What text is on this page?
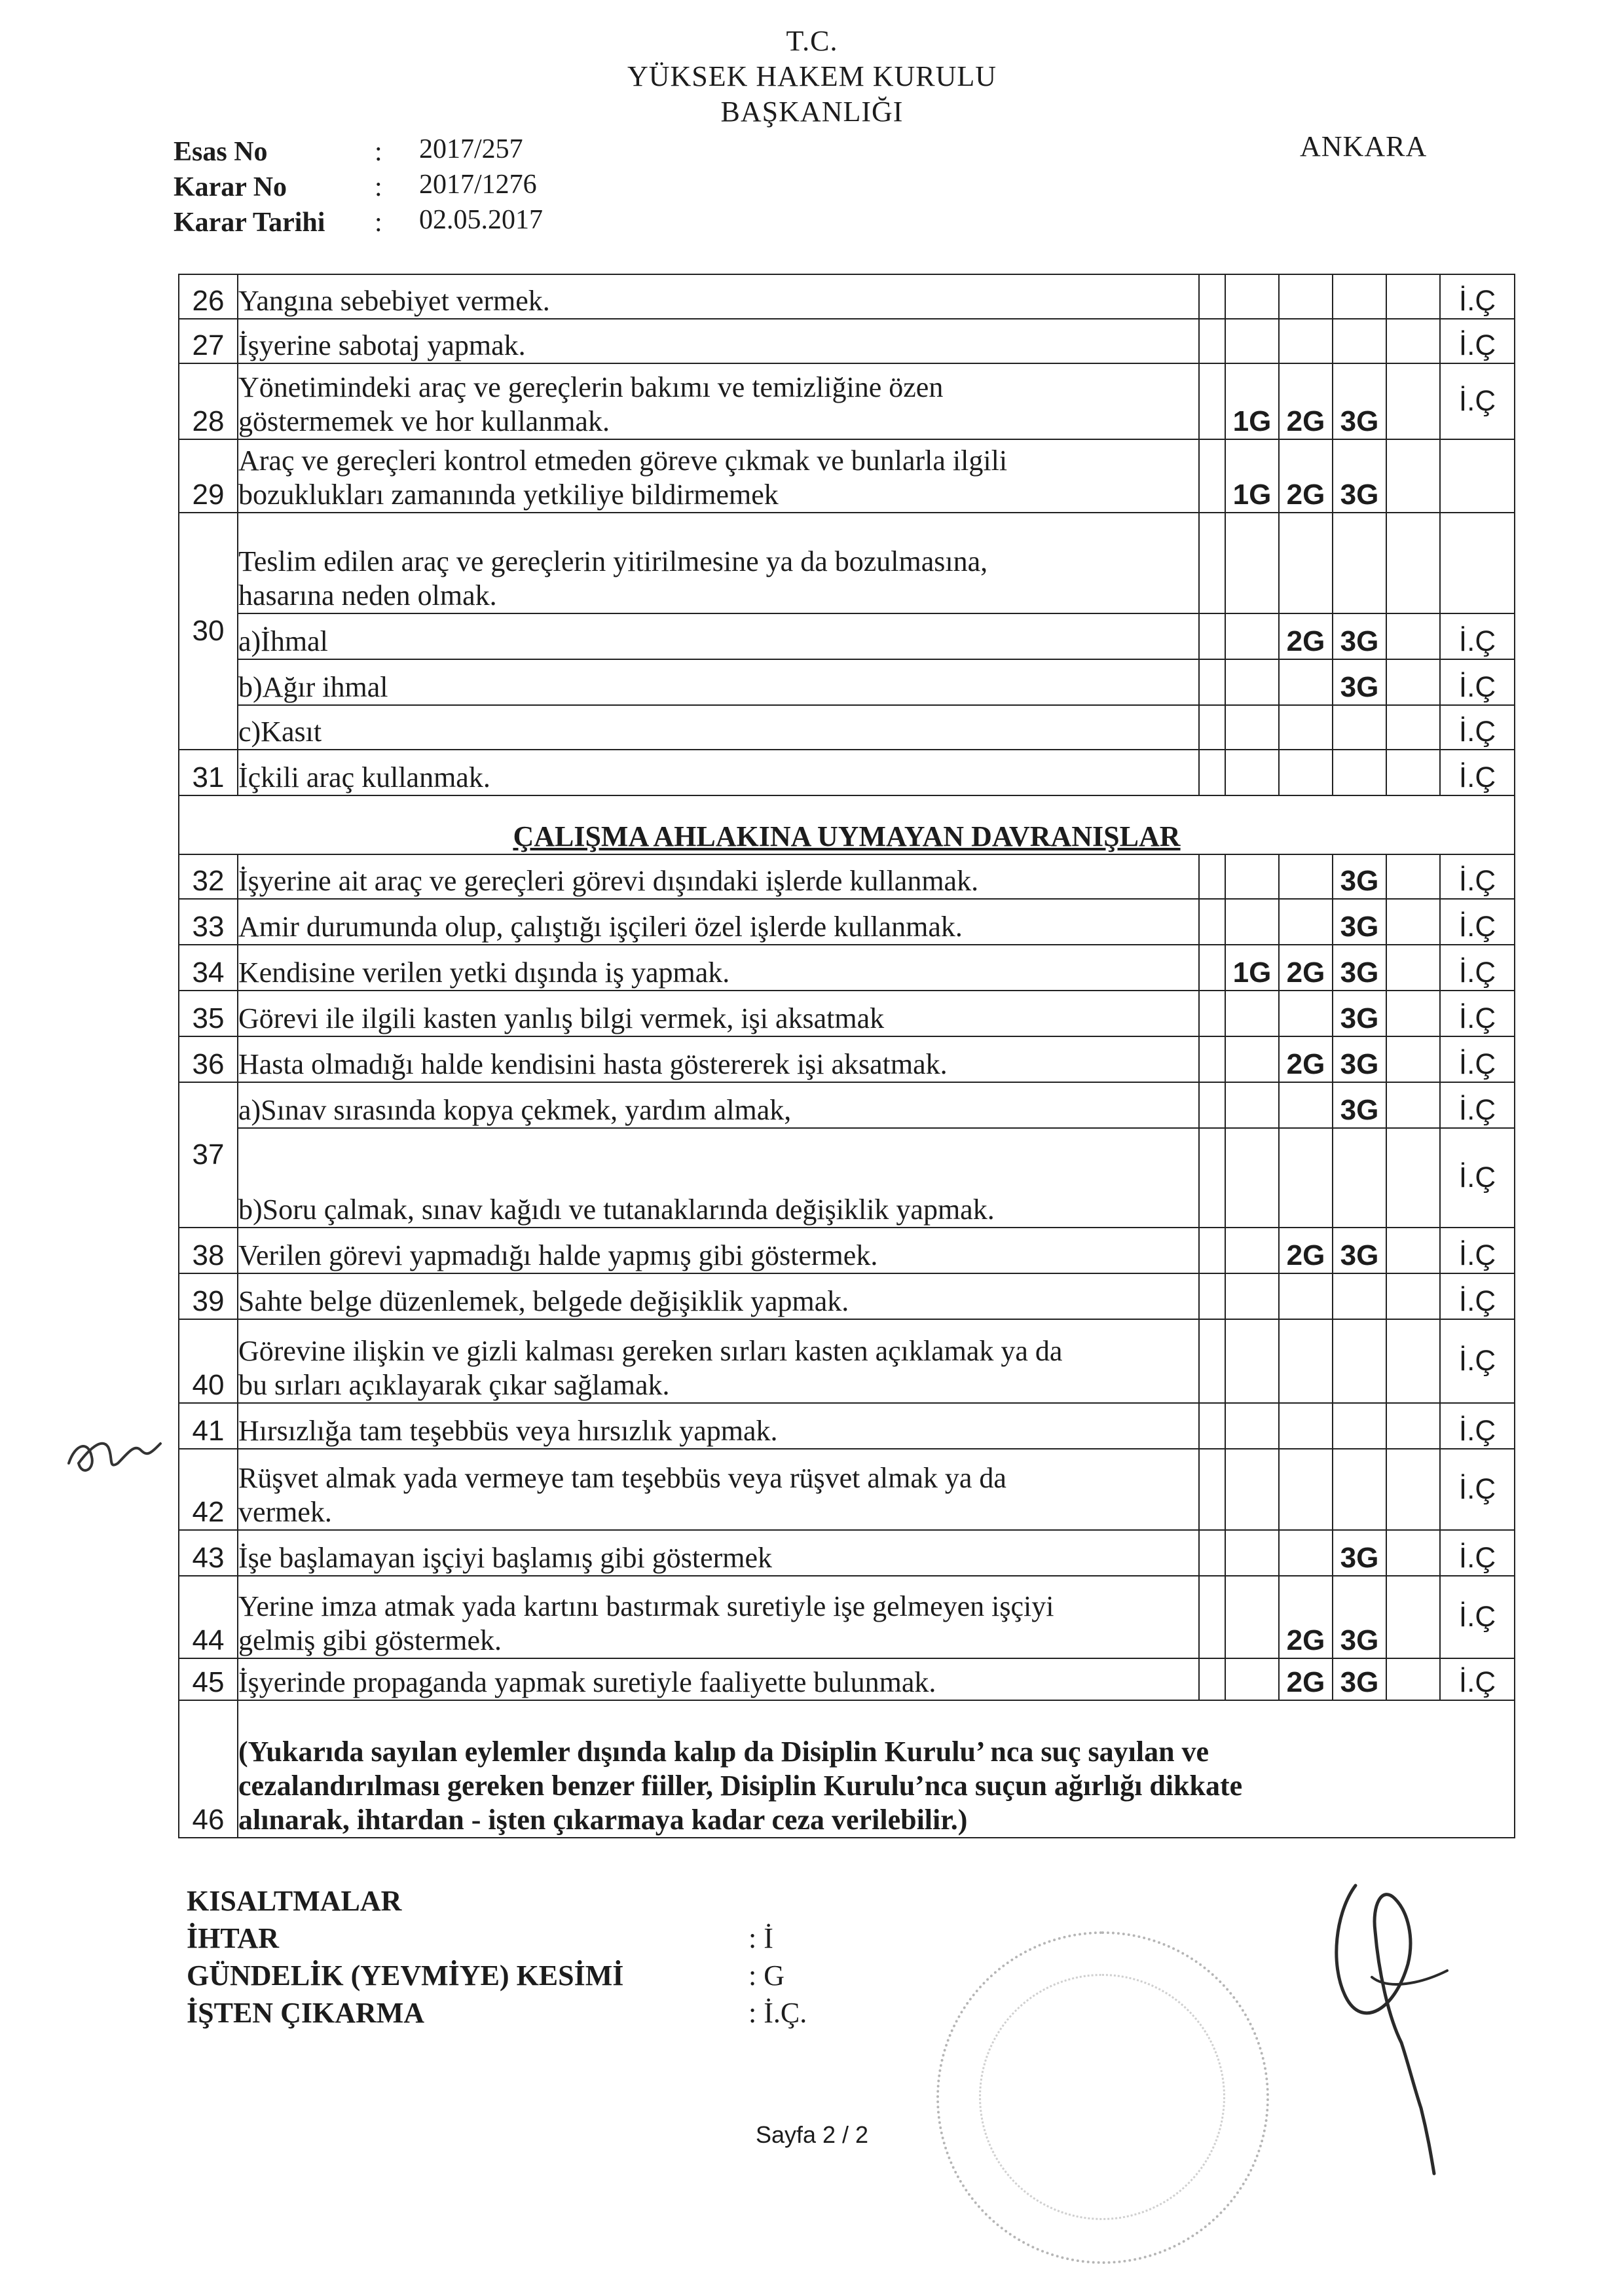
T.C.
YÜKSEK HAKEM KURULU
BAŞKANLIĞI
ANKARA
Esas No	: 2017/257
Karar No	: 2017/1276
Karar Tarihi : 02.05.2017
26	Yangına sebebiyet vermek.						İ.Ç
27	İşyerine sabotaj yapmak.						İ.Ç
28	Yönetimindeki araç ve gereçlerin bakımı ve temizliğine özen
göstermemek ve hor kullanmak.		1G	2G	3G		İ.Ç
29	Araç ve gereçleri kontrol etmeden göreve çıkmak ve bunlarla ilgili
bozuklukları zamanında yetkiliye bildirmemek		1G	2G	3G		
30	Teslim edilen araç ve gereçlerin yitirilmesine ya da bozulmasına,
hasarına neden olmak.						

	a)İhmal			2G	3G		İ.Ç
	b)Ağır ihmal				3G		İ.Ç
	c)Kasıt						İ.Ç
31	İçkili araç kullanmak.						İ.Ç
ÇALIŞMA AHLAKINA UYMAYAN DAVRANIŞLAR							
32	İşyerine ait araç ve gereçleri görevi dışındaki işlerde kullanmak.				3G		İ.Ç
33	Amir durumunda olup, çalıştığı işçileri özel işlerde kullanmak.				3G		İ.Ç
34	Kendisine verilen yetki dışında iş yapmak.		1G	2G	3G		İ.Ç
35	Görevi ile ilgili kasten yanlış bilgi vermek, işi aksatmak				3G		İ.Ç
36	Hasta olmadığı halde kendisini hasta göstererek işi aksatmak.			2G	3G		İ.Ç
37	a)Sınav sırasında kopya çekmek, yardım almak,				3G		İ.Ç
	b)Soru çalmak, sınav kağıdı ve tutanaklarında değişiklik yapmak.						İ.Ç
38	Verilen görevi yapmadığı halde yapmış gibi göstermek.			2G	3G		İ.Ç
39	Sahte belge düzenlemek, belgede değişiklik yapmak.						İ.Ç
40	Görevine ilişkin ve gizli kalması gereken sırları kasten açıklamak ya da
bu sırları açıklayarak çıkar sağlamak.						İ.Ç
41	Hırsızlığa tam teşebbüs veya hırsızlık yapmak.						İ.Ç
42	Rüşvet almak yada vermeye tam teşebbüs veya rüşvet almak ya da
vermek.						İ.Ç
43	İşe başlamayan işçiyi başlamış gibi göstermek				3G		İ.Ç
44	Yerine imza atmak yada kartını bastırmak suretiyle işe gelmeyen işçiyi
gelmiş gibi göstermek.			2G	3G		İ.Ç
45	İşyerinde propaganda yapmak suretiyle faaliyette bulunmak.			2G	3G		İ.Ç
46	(Yukarıda sayılan eylemler dışında kalıp da Disiplin Kurulu’ nca suç sayılan ve
cezalandırılması gereken benzer fiiller, Disiplin Kurulu’nca suçun ağırlığı dikkate
alınarak, ihtardan - işten çıkarmaya kadar ceza verilebilir.)						
KISALTMALAR
İHTAR	: İ
GÜNDELİK (YEVMİYE) KESİMİ	: G
İŞTEN ÇIKARMA	: İ.Ç.
Sayfa 2 / 2
